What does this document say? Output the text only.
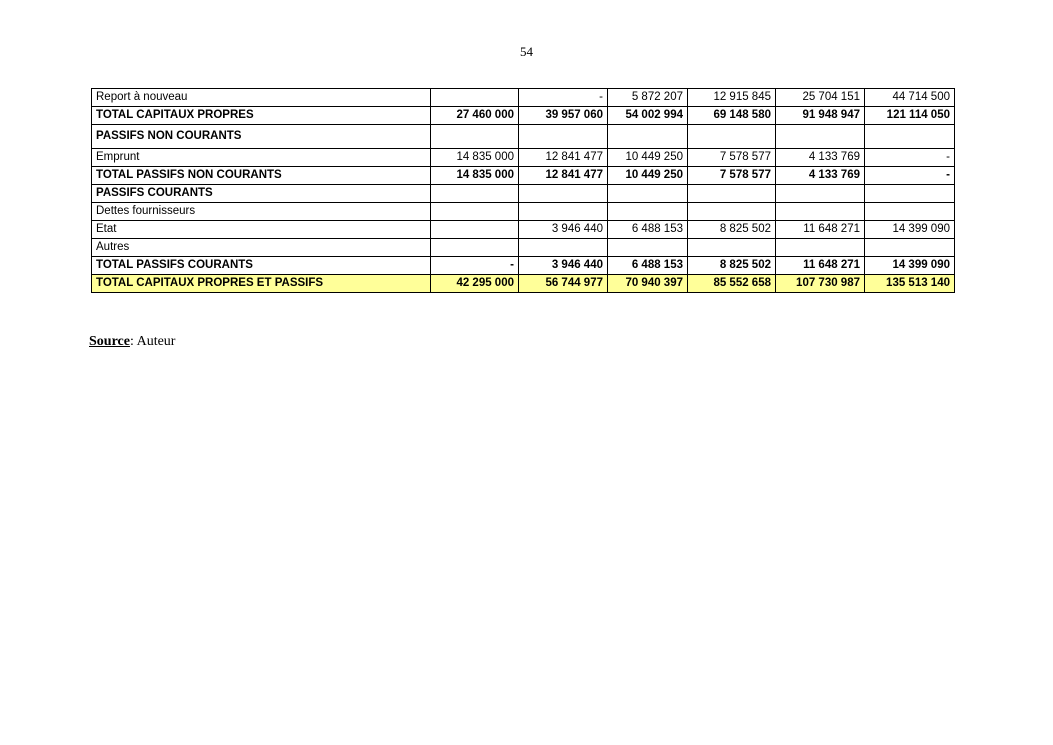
54
Report à nouveau		-	5 872 207	12 915 845	25 704 151	44 714 500
TOTAL CAPITAUX PROPRES	27 460 000	39 957 060	54 002 994	69 148 580	91 948 947	121 114 050
PASSIFS NON COURANTS						
Emprunt	14 835 000	12 841 477	10 449 250	7 578 577	4 133 769	-
TOTAL PASSIFS NON COURANTS	14 835 000	12 841 477	10 449 250	7 578 577	4 133 769	-
PASSIFS COURANTS						
Dettes fournisseurs						
Etat		3 946 440	6 488 153	8 825 502	11 648 271	14 399 090
Autres						
TOTAL PASSIFS COURANTS	-	3 946 440	6 488 153	8 825 502	11 648 271	14 399 090
TOTAL CAPITAUX PROPRES ET PASSIFS	42 295 000	56 744 977	70 940 397	85 552 658	107 730 987	135 513 140
Source: Auteur
